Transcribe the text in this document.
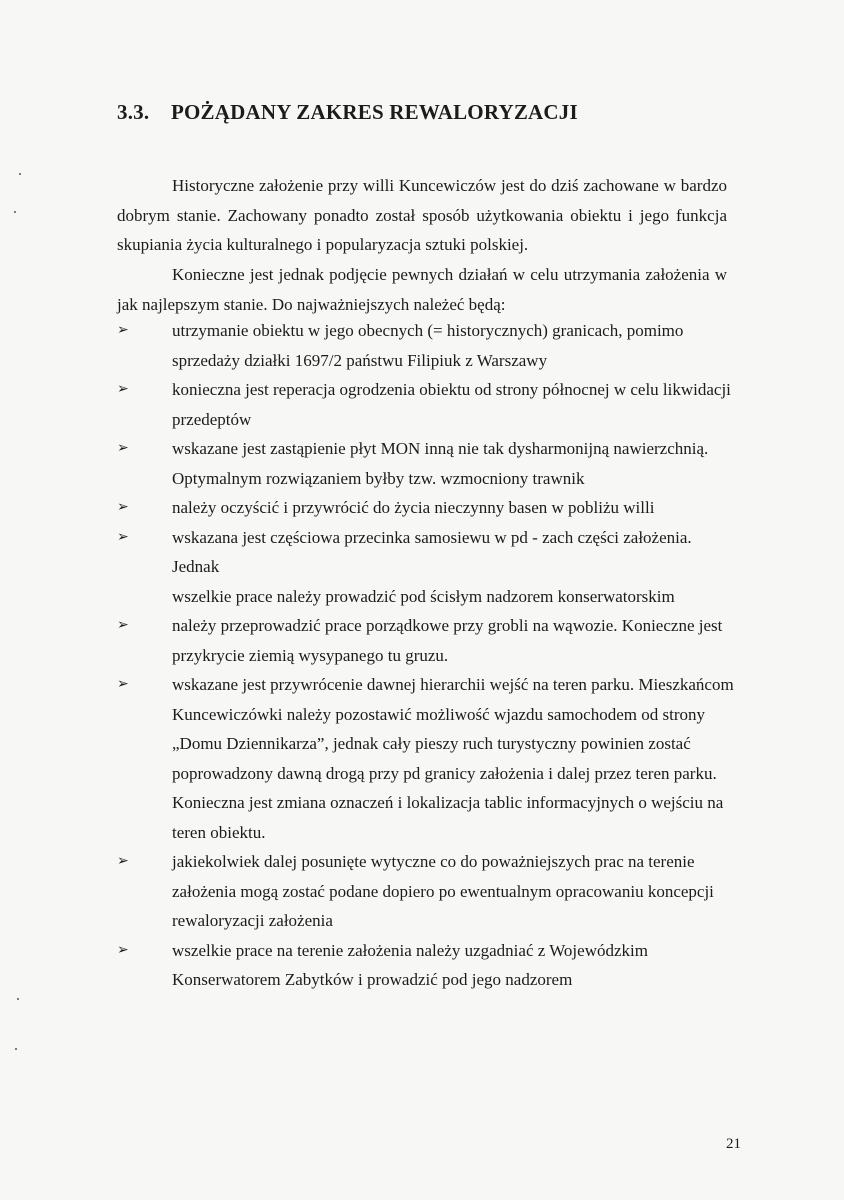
3.3. POŻĄDANY ZAKRES REWALORYZACJI

Historyczne założenie przy willi Kuncewiczów jest do dziś zachowane w bardzo dobrym stanie. Zachowany ponadto został sposób użytkowania obiektu i jego funkcja skupiania życia kulturalnego i popularyzacja sztuki polskiej.

Konieczne jest jednak podjęcie pewnych działań w celu utrzymania założenia w jak najlepszym stanie. Do najważniejszych należeć będą:

➢	utrzymanie obiektu w jego obecnych (= historycznych) granicach, pomimo
sprzedaży działki 1697/2 państwu Filipiuk z Warszawy
➢	konieczna jest reperacja ogrodzenia obiektu od strony północnej w celu likwidacji
przedeptów
➢	wskazane jest zastąpienie płyt MON inną nie tak dysharmonijną nawierzchnią.
Optymalnym rozwiązaniem byłby tzw. wzmocniony trawnik
➢	należy oczyścić i przywrócić do życia nieczynny basen w pobliżu willi
➢	wskazana jest częściowa przecinka samosiewu w pd - zach części założenia. Jednak
wszelkie prace należy prowadzić pod ścisłym nadzorem konserwatorskim
➢	należy przeprowadzić prace porządkowe przy grobli na wąwozie. Konieczne jest
przykrycie ziemią wysypanego tu gruzu.
➢	wskazane jest przywrócenie dawnej hierarchii wejść na teren parku. Mieszkańcom
Kuncewiczówki należy pozostawić możliwość wjazdu samochodem od strony
„Domu Dziennikarza”, jednak cały pieszy ruch turystyczny powinien zostać
poprowadzony dawną drogą przy pd granicy założenia i dalej przez teren parku.
Konieczna jest zmiana oznaczeń i lokalizacja tablic informacyjnych o wejściu na
teren obiektu.
➢	jakiekolwiek dalej posunięte wytyczne co do poważniejszych prac na terenie
założenia mogą zostać podane dopiero po ewentualnym opracowaniu koncepcji
rewaloryzacji założenia
➢	wszelkie prace na terenie założenia należy uzgadniać z Wojewódzkim
Konserwatorem Zabytków i prowadzić pod jego nadzorem
21
